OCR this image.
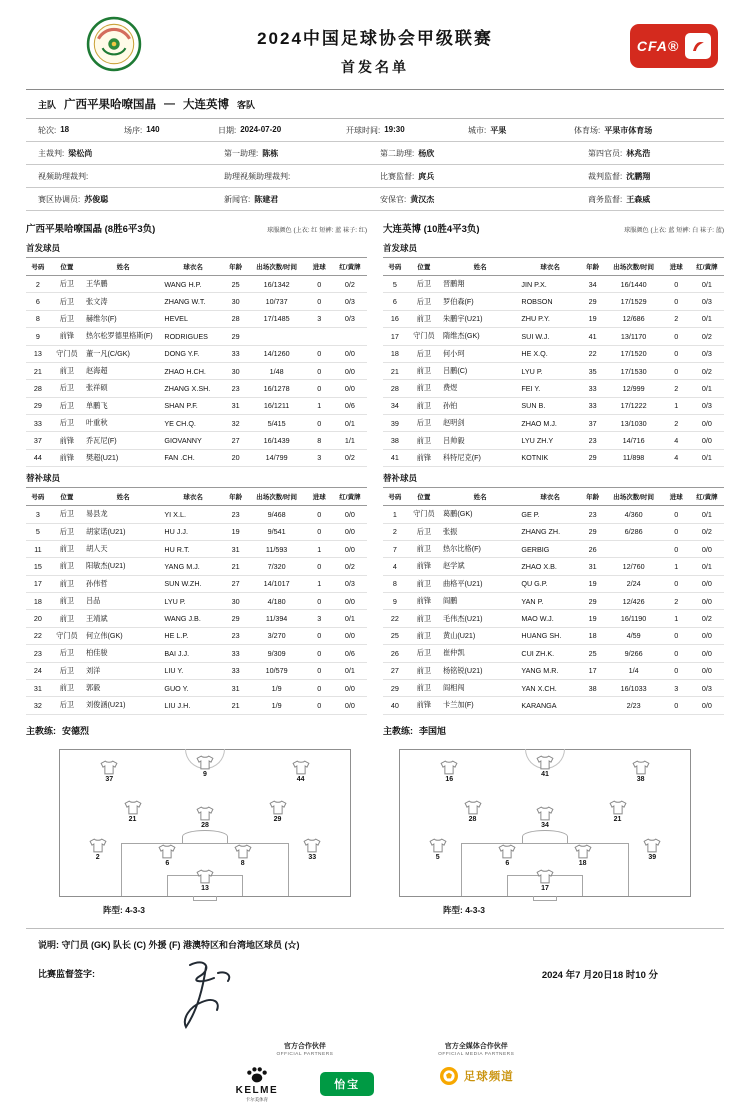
2024中国足球协会甲级联赛
首发名单
CFA®
主队 广西平果哈嘹国晶 — 大连英博 客队
轮次: 18	场序: 140	日期: 2024-07-20	开球时间: 19:30	城市: 平果	体育场: 平果市体育场
主裁判: 梁松尚	第一助理: 陈栋	第二助理: 杨欣	第四官员: 林兆浩
视频助理裁判:	助理视频助理裁判:	比赛监督: 庹兵	裁判监督: 沈鹏翔
赛区协调员: 苏俊聪	新闻官: 陈建君	安保官: 黄汉杰	商务监督: 王森威
广西平果哈嘹国晶 (8胜6平3负)	球服颜色 (上衣: 红 短裤: 蓝 袜子: 红)
首发球员
号码	位置	姓名	球衣名	年龄	出场次数/时间	进球	红/黄牌
2	后卫	王华鹏	WANG H.P.	25	16/1342	0	0/2
6	后卫	张文涛	ZHANG W.T.	30	10/737	0	0/3
8	后卫	赫维尔(F)	HEVEL	28	17/1485	3	0/3
9	前锋	热尔松罗德里格斯(F)	RODRIGUES	29			
13	守门员	董一凡(C/GK)	DONG Y.F.	33	14/1260	0	0/0
21	前卫	赵海超	ZHAO H.CH.	30	1/48	0	0/0
28	后卫	张祥硕	ZHANG X.SH.	23	16/1278	0	0/0
29	后卫	单鹏飞	SHAN P.F.	31	16/1211	1	0/6
33	后卫	叶重秋	YE CH.Q.	32	5/415	0	0/1
37	前锋	乔瓦尼(F)	GIOVANNY	27	16/1439	8	1/1
44	前锋	樊超(U21)	FAN .CH.	20	14/799	3	0/2
替补球员
号码	位置	姓名	球衣名	年龄	出场次数/时间	进球	红/黄牌
3	后卫	易县龙	YI X.L.	23	9/468	0	0/0
5	后卫	胡家诺(U21)	HU J.J.	19	9/541	0	0/0
11	前卫	胡人天	HU R.T.	31	11/593	1	0/0
15	前卫	阳敏杰(U21)	YANG M.J.	21	7/320	0	0/2
17	前卫	孙伟哲	SUN W.ZH.	27	14/1017	1	0/3
18	前卫	吕品	LYU P.	30	4/180	0	0/0
20	前卫	王靖斌	WANG J.B.	29	11/394	3	0/1
22	守门员	何立伟(GK)	HE L.P.	23	3/270	0	0/0
23	后卫	柏佳骏	BAI J.J.	33	9/309	0	0/6
24	后卫	刘洋	LIU Y.	33	10/579	0	0/1
31	前卫	郭毅	GUO Y.	31	1/9	0	0/0
32	后卫	刘俊涵(U21)	LIU J.H.	21	1/9	0	0/0
大连英博 (10胜4平3负)	球服颜色 (上衣: 蓝 短裤: 白 袜子: 蓝)
首发球员
号码	位置	姓名	球衣名	年龄	出场次数/时间	进球	红/黄牌
5	后卫	晋鹏翔	JIN P.X.	34	16/1440	0	0/1
6	后卫	罗伯森(F)	ROBSON	29	17/1529	0	0/3
16	前卫	朱鹏宇(U21)	ZHU P.Y.	19	12/686	2	0/1
17	守门员	隋维杰(GK)	SUI W.J.	41	13/1170	0	0/2
18	后卫	何小珂	HE X.Q.	22	17/1520	0	0/3
21	前卫	吕鹏(C)	LYU P.	35	17/1530	0	0/2
28	前卫	费煜	FEI Y.	33	12/999	2	0/1
34	前卫	孙铂	SUN B.	33	17/1222	1	0/3
39	后卫	赵明剑	ZHAO M.J.	37	13/1030	2	0/0
38	前卫	吕帅毅	LYU ZH.Y	23	14/716	4	0/0
41	前锋	科特尼克(F)	KOTNIK	29	11/898	4	0/1
替补球员
号码	位置	姓名	球衣名	年龄	出场次数/时间	进球	红/黄牌
1	守门员	葛鹏(GK)	GE P.	23	4/360	0	0/1
2	后卫	张振	ZHANG ZH.	29	6/286	0	0/2
7	前卫	热尔比格(F)	GERBIG	26		0	0/0
4	前锋	赵学斌	ZHAO X.B.	31	12/760	1	0/1
8	前卫	曲格平(U21)	QU G.P.	19	2/24	0	0/0
9	前锋	阎鹏	YAN P.	29	12/426	2	0/0
22	前卫	毛伟杰(U21)	MAO W.J.	19	16/1190	1	0/2
25	前卫	黄山(U21)	HUANG SH.	18	4/59	0	0/0
26	后卫	崔仲凯	CUI ZH.K.	25	9/266	0	0/0
27	前卫	杨铭锐(U21)	YANG M.R.	17	1/4	0	0/0
29	前卫	阎相闯	YAN X.CH.	38	16/1033	3	0/3
40	前锋	卡兰加(F)	KARANGA		2/23	0	0/0
主教练: 安德烈	主教练: 李国旭
37
9
44
21
28
29
2
6	8
33
13
阵型: 4-3-3
16
41
38
28
34
21
5
6	18
39
17
阵型: 4-3-3
说明: 守门员 (GK) 队长 (C) 外援 (F) 港澳特区和台湾地区球员 (☆)
比赛监督签字:	2024 年7 月20日18 时10 分
官方合作伙伴
OFFICIAL PARTNERS
KELME
卡尔美体育
怡宝
官方全媒体合作伙伴
OFFICIAL MEDIA PARTNERS
足球频道
